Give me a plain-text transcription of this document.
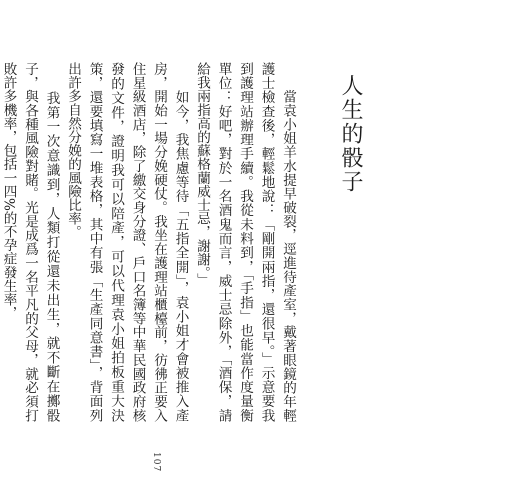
人生的骰子

　　當袁小姐羊水提早破裂，逕進待產室，戴著眼鏡的年輕護士檢查後，輕鬆地說：「剛開兩指，還很早。」示意要我到護理站辦理手續。我從未料到，「手指」也能當作度量衡單位：好吧，對於一名酒鬼而言，威士忌除外，「酒保，請給我兩指高的蘇格蘭威士忌，謝謝。」

　　如今，我焦慮等待「五指全開」，袁小姐才會被推入產房，開始一場分娩硬仗。我坐在護理站櫃檯前，彷彿正要入住星級酒店，除了繳交身分證、戶口名簿等中華民國政府核發的文件，證明我可以陪產，可以代理袁小姐拍板重大決策，還要填寫一堆表格，其中有張「生產同意書」，背面列出許多自然分娩的風險比率。

　　我第一次意識到，人類打從還未出生，就不斷在擲骰子，與各種風險對賭。光是成爲一名平凡的父母，就必須打敗許多機率，包括一四%的不孕症發生率，

107
